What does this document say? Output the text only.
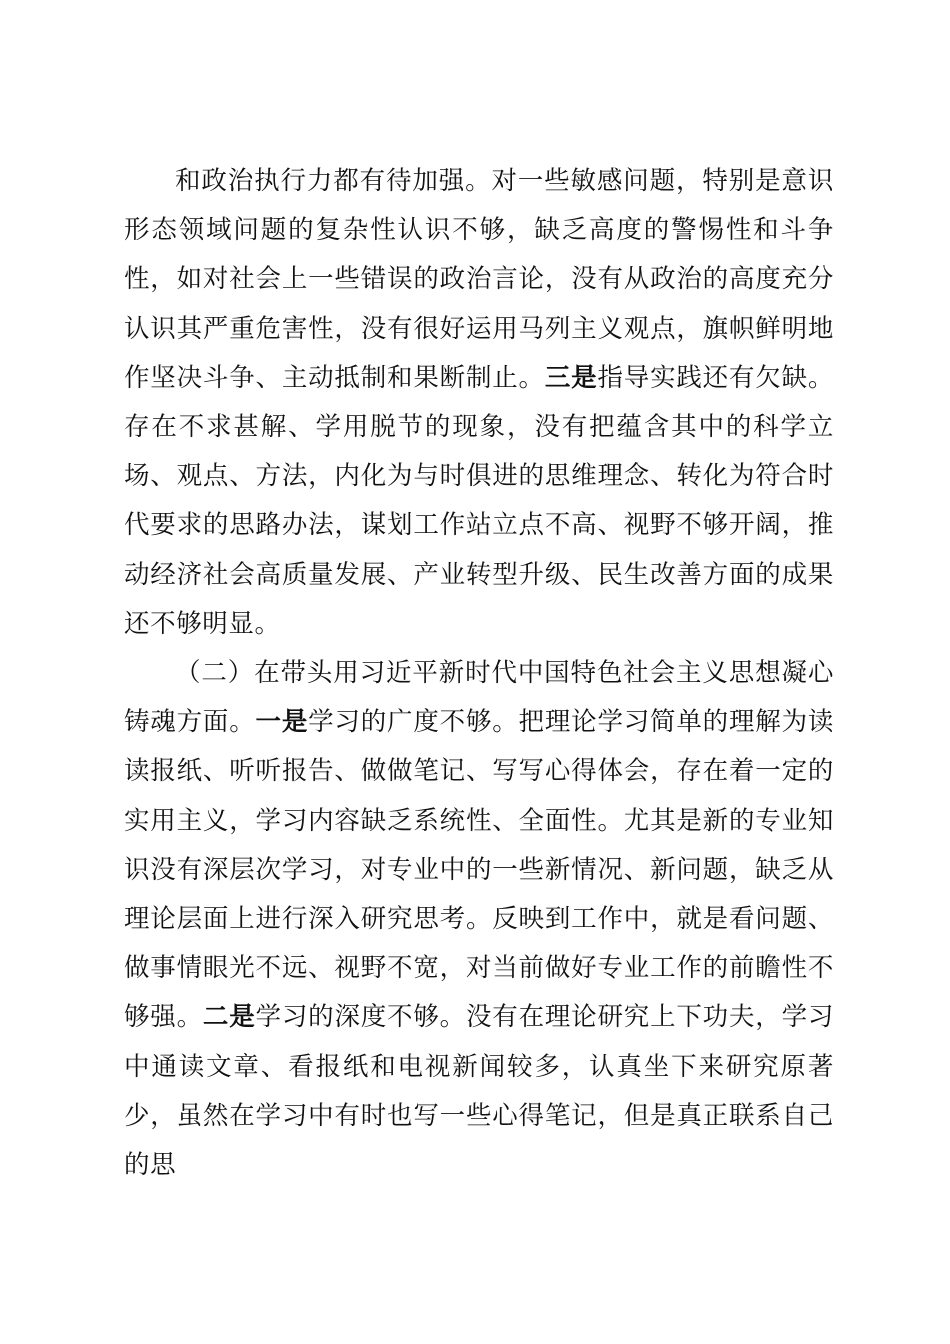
和政治执行力都有待加强。对一些敏感问题，特别是意识形态领域问题的复杂性认识不够，缺乏高度的警惕性和斗争性，如对社会上一些错误的政治言论，没有从政治的高度充分认识其严重危害性，没有很好运用马列主义观点，旗帜鲜明地作坚决斗争、主动抵制和果断制止。三是指导实践还有欠缺。存在不求甚解、学用脱节的现象，没有把蕴含其中的科学立场、观点、方法，内化为与时俱进的思维理念、转化为符合时代要求的思路办法，谋划工作站立点不高、视野不够开阔，推动经济社会高质量发展、产业转型升级、民生改善方面的成果还不够明显。

（二）在带头用习近平新时代中国特色社会主义思想凝心铸魂方面。一是学习的广度不够。把理论学习简单的理解为读读报纸、听听报告、做做笔记、写写心得体会，存在着一定的实用主义，学习内容缺乏系统性、全面性。尤其是新的专业知识没有深层次学习，对专业中的一些新情况、新问题，缺乏从理论层面上进行深入研究思考。反映到工作中，就是看问题、做事情眼光不远、视野不宽，对当前做好专业工作的前瞻性不够强。二是学习的深度不够。没有在理论研究上下功夫，学习中通读文章、看报纸和电视新闻较多，认真坐下来研究原著少，虽然在学习中有时也写一些心得笔记，但是真正联系自己的思
